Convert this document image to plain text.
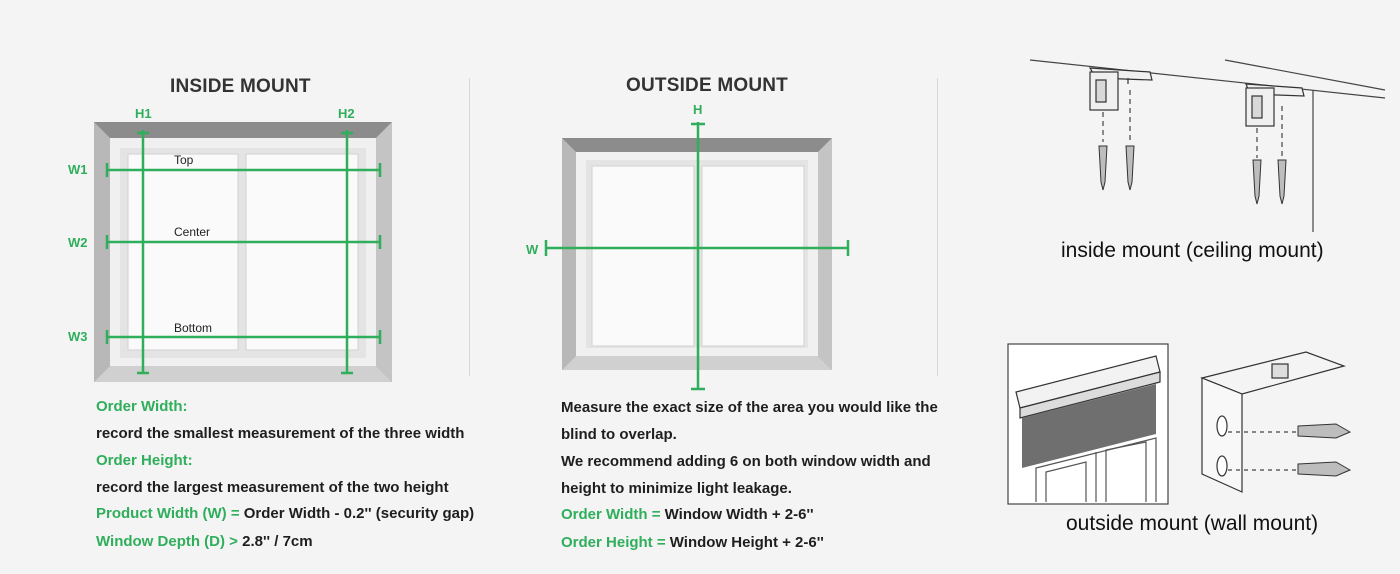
INSIDE MOUNT
H1	H2
W1
W2
W3
Top
Center
Bottom
Order Width:
record the smallest measurement of the three width
Order Height:
record the largest measurement of the two height
Product Width (W) = Order Width - 0.2'' (security gap)
Window Depth (D) > 2.8'' / 7cm
OUTSIDE MOUNT
H
W
Measure the exact size of the area you would like the
blind to overlap.
We recommend adding 6 on both window width and
height to minimize light leakage.
Order Width = Window Width + 2-6''
Order Height = Window Height + 2-6''
inside mount (ceiling mount)
outside mount (wall mount)
